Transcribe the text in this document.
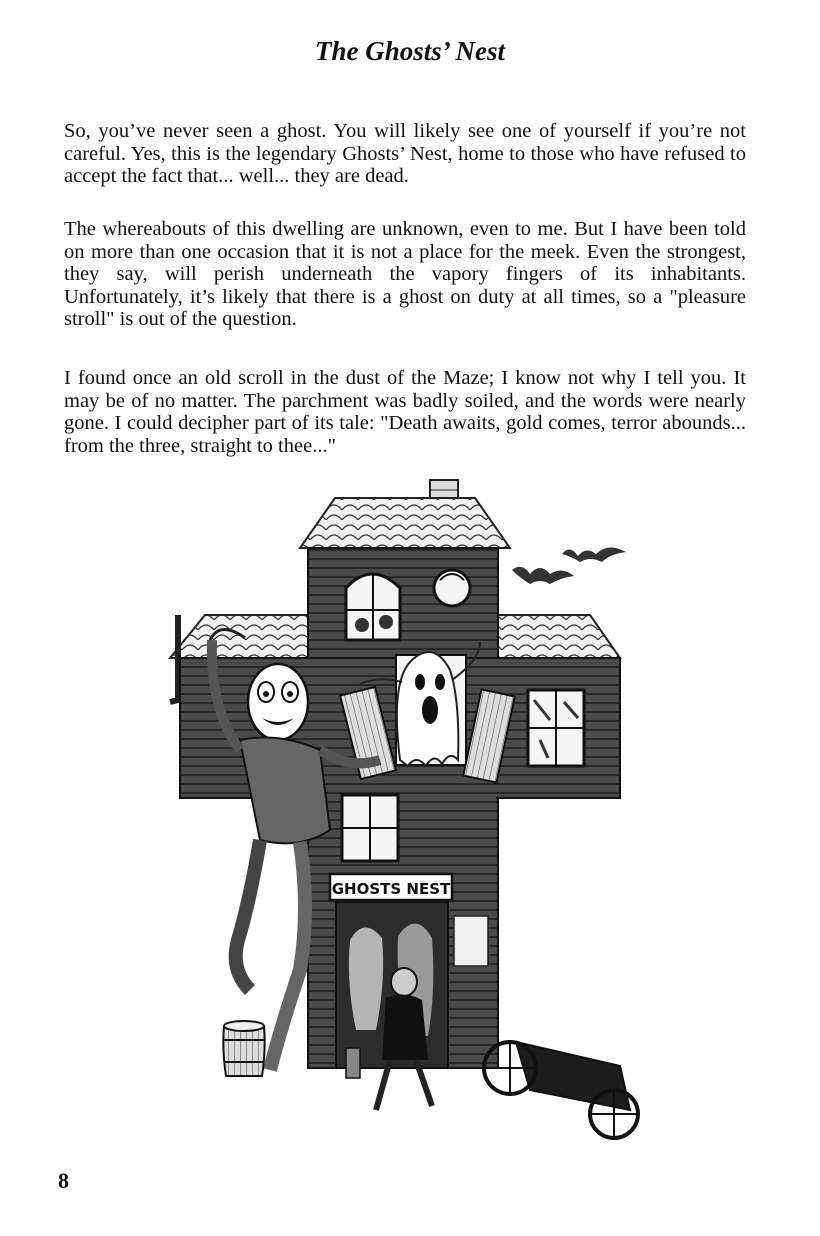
The Ghosts’ Nest

So, you’ve never seen a ghost. You will likely see one of yourself if you’re not careful. Yes, this is the legendary Ghosts’ Nest, home to those who have refused to accept the fact that... well... they are dead.

The whereabouts of this dwelling are unknown, even to me. But I have been told on more than one occasion that it is not a place for the meek. Even the strongest, they say, will perish underneath the vapory fingers of its inhabitants. Unfortunately, it’s likely that there is a ghost on duty at all times, so a "pleasure stroll" is out of the question.

I found once an old scroll in the dust of the Maze; I know not why I tell you. It may be of no matter. The parchment was badly soiled, and the words were nearly gone. I could decipher part of its tale: "Death awaits, gold comes, terror abounds... from the three, straight to thee..."

GHOSTS NEST
8
